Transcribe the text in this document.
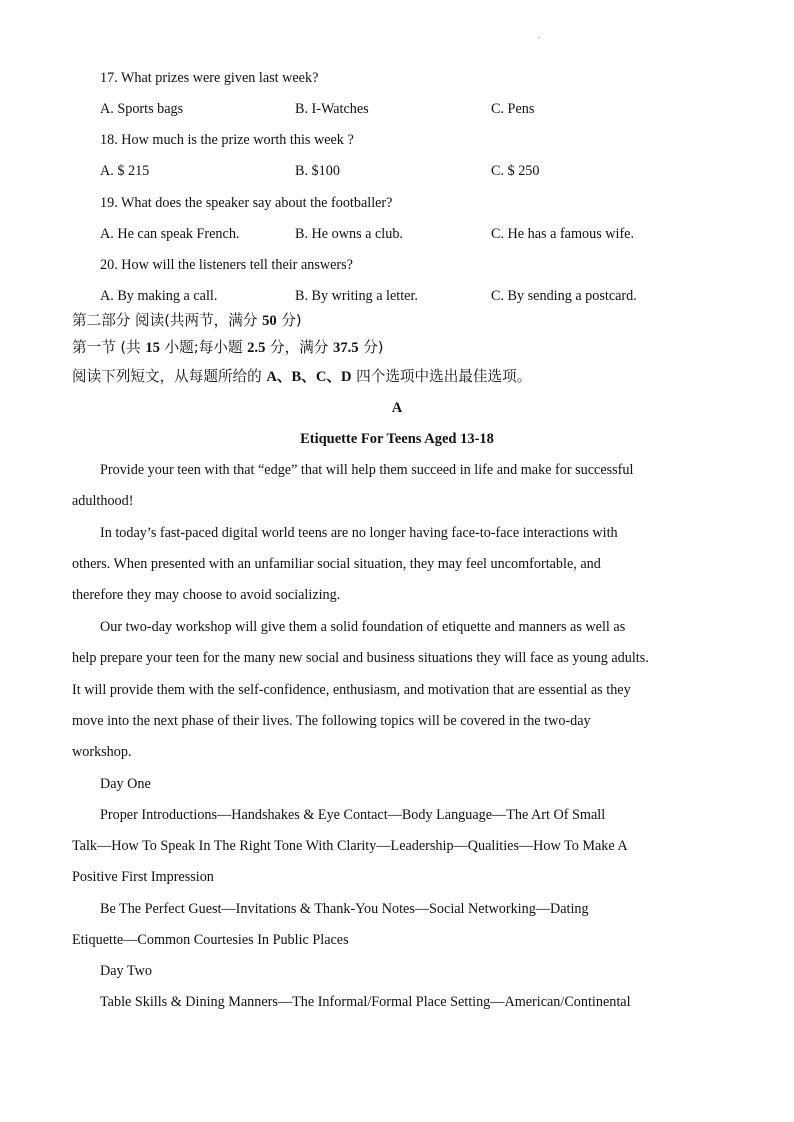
.
17. What prizes were given last week?
A. Sports bags	B. I-Watches	C. Pens
18. How much is the prize worth this week ?
A. $ 215	B. $100	C. $ 250
19. What does the speaker say about the footballer?
A. He can speak French.	B. He owns a club.	C. He has a famous wife.
20. How will the listeners tell their answers?
A. By making a call.	B. By writing a letter.	C. By sending a postcard.
第二部分 阅读(共两节，满分 50 分)
第一节 (共 15 小题;每小题 2.5 分，满分 37.5 分)
阅读下列短文，从每题所给的 A、B、C、D 四个选项中选出最佳选项。
A
Etiquette For Teens Aged 13-18
Provide your teen with that “edge” that will help them succeed in life and make for successful
adulthood!
In today’s fast-paced digital world teens are no longer having face-to-face interactions with
others. When presented with an unfamiliar social situation, they may feel uncomfortable, and
therefore they may choose to avoid socializing.
Our two-day workshop will give them a solid foundation of etiquette and manners as well as
help prepare your teen for the many new social and business situations they will face as young adults.
It will provide them with the self-confidence, enthusiasm, and motivation that are essential as they
move into the next phase of their lives. The following topics will be covered in the two-day
workshop.
Day One
Proper Introductions—Handshakes & Eye Contact—Body Language—The Art Of Small
Talk—How To Speak In The Right Tone With Clarity—Leadership—Qualities—How To Make A
Positive First Impression
Be The Perfect Guest—Invitations & Thank-You Notes—Social Networking—Dating
Etiquette—Common Courtesies In Public Places
Day Two
Table Skills & Dining Manners—The Informal/Formal Place Setting—American/Continental
